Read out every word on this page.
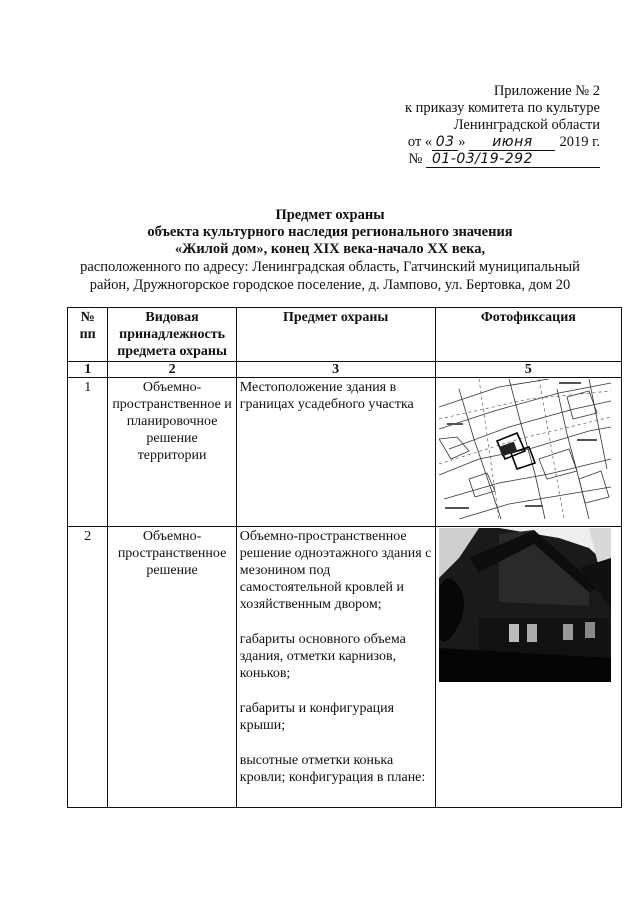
Приложение № 2
к приказу комитета по культуре
Ленинградской области
от « 03 » июня 2019 г.
№ 01-03/19-292
Предмет охраны
объекта культурного наследия регионального значения
«Жилой дом», конец XIX века-начало XX века,
расположенного по адресу: Ленинградская область, Гатчинский муниципальный
район, Дружногорское городское поселение, д. Лампово, ул. Бертовка, дом 20
№ пп	Видовая принадлежность предмета охраны	Предмет охраны	Фотофиксация
1	2	3	5
1	Объемно-пространственное и планировочное решение территории	Местоположение здания в границах усадебного участка

2	Объемно-пространственное решение	Объемно-пространственное решение одноэтажного здания с мезонином под самостоятельной кровлей и хозяйственным двором;

габариты основного объема здания, отметки карнизов, коньков;

габариты и конфигурация крыши;

высотные отметки конька кровли; конфигурация в плане:
